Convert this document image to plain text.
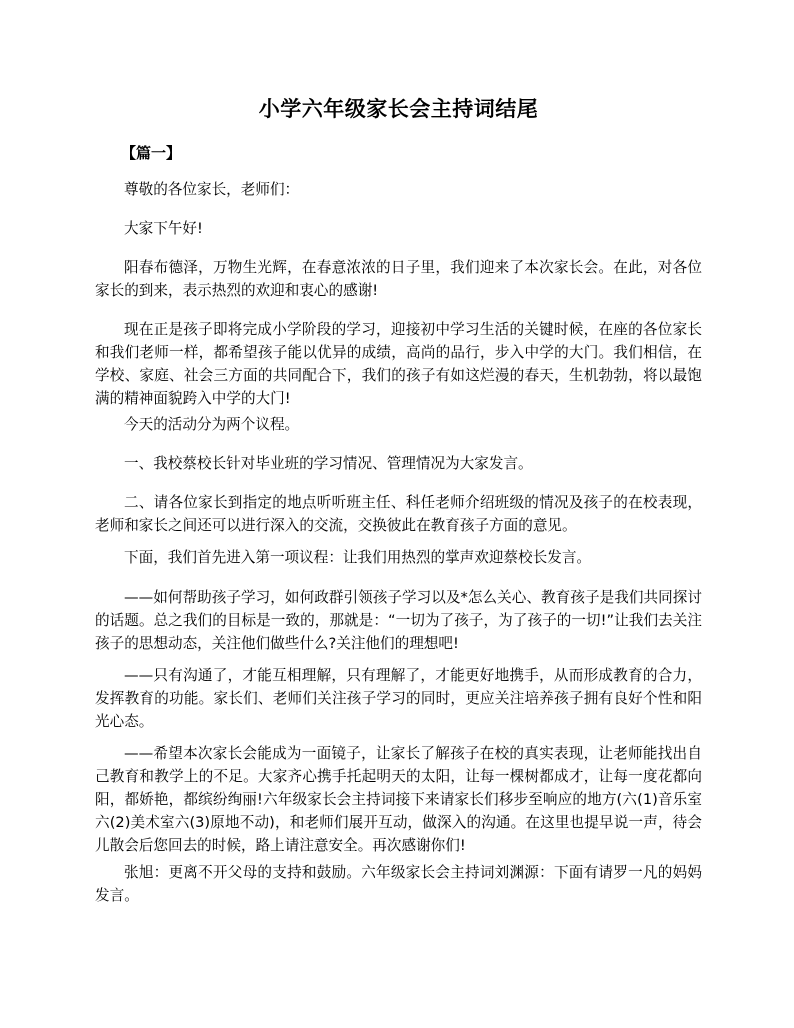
小学六年级家长会主持词结尾
【篇一】

尊敬的各位家长，老师们：

大家下午好!

阳春布德泽，万物生光辉，在春意浓浓的日子里，我们迎来了本次家长会。在此，对各位家长的到来，表示热烈的欢迎和衷心的感谢!

现在正是孩子即将完成小学阶段的学习，迎接初中学习生活的关键时候，在座的各位家长和我们老师一样，都希望孩子能以优异的成绩，高尚的品行，步入中学的大门。我们相信，在学校、家庭、社会三方面的共同配合下，我们的孩子有如这烂漫的春天，生机勃勃，将以最饱满的精神面貌跨入中学的大门!

今天的活动分为两个议程。

一、我校蔡校长针对毕业班的学习情况、管理情况为大家发言。

二、请各位家长到指定的地点听听班主任、科任老师介绍班级的情况及孩子的在校表现，老师和家长之间还可以进行深入的交流，交换彼此在教育孩子方面的意见。

下面，我们首先进入第一项议程：让我们用热烈的掌声欢迎蔡校长发言。

——如何帮助孩子学习，如何政群引领孩子学习以及*怎么关心、教育孩子是我们共同探讨的话题。总之我们的目标是一致的，那就是：“一切为了孩子，为了孩子的一切!”让我们去关注孩子的思想动态，关注他们做些什么?关注他们的理想吧!

——只有沟通了，才能互相理解，只有理解了，才能更好地携手，从而形成教育的合力，发挥教育的功能。家长们、老师们关注孩子学习的同时，更应关注培养孩子拥有良好个性和阳光心态。

——希望本次家长会能成为一面镜子，让家长了解孩子在校的真实表现，让老师能找出自己教育和教学上的不足。大家齐心携手托起明天的太阳，让每一棵树都成才，让每一度花都向阳，都娇艳，都缤纷绚丽!六年级家长会主持词接下来请家长们移步至响应的地方(六(1)音乐室六(2)美术室六(3)原地不动)，和老师们展开互动，做深入的沟通。在这里也提早说一声，待会儿散会后您回去的时候，路上请注意安全。再次感谢你们!

张旭：更离不开父母的支持和鼓励。六年级家长会主持词刘渊源：下面有请罗一凡的妈妈发言。
